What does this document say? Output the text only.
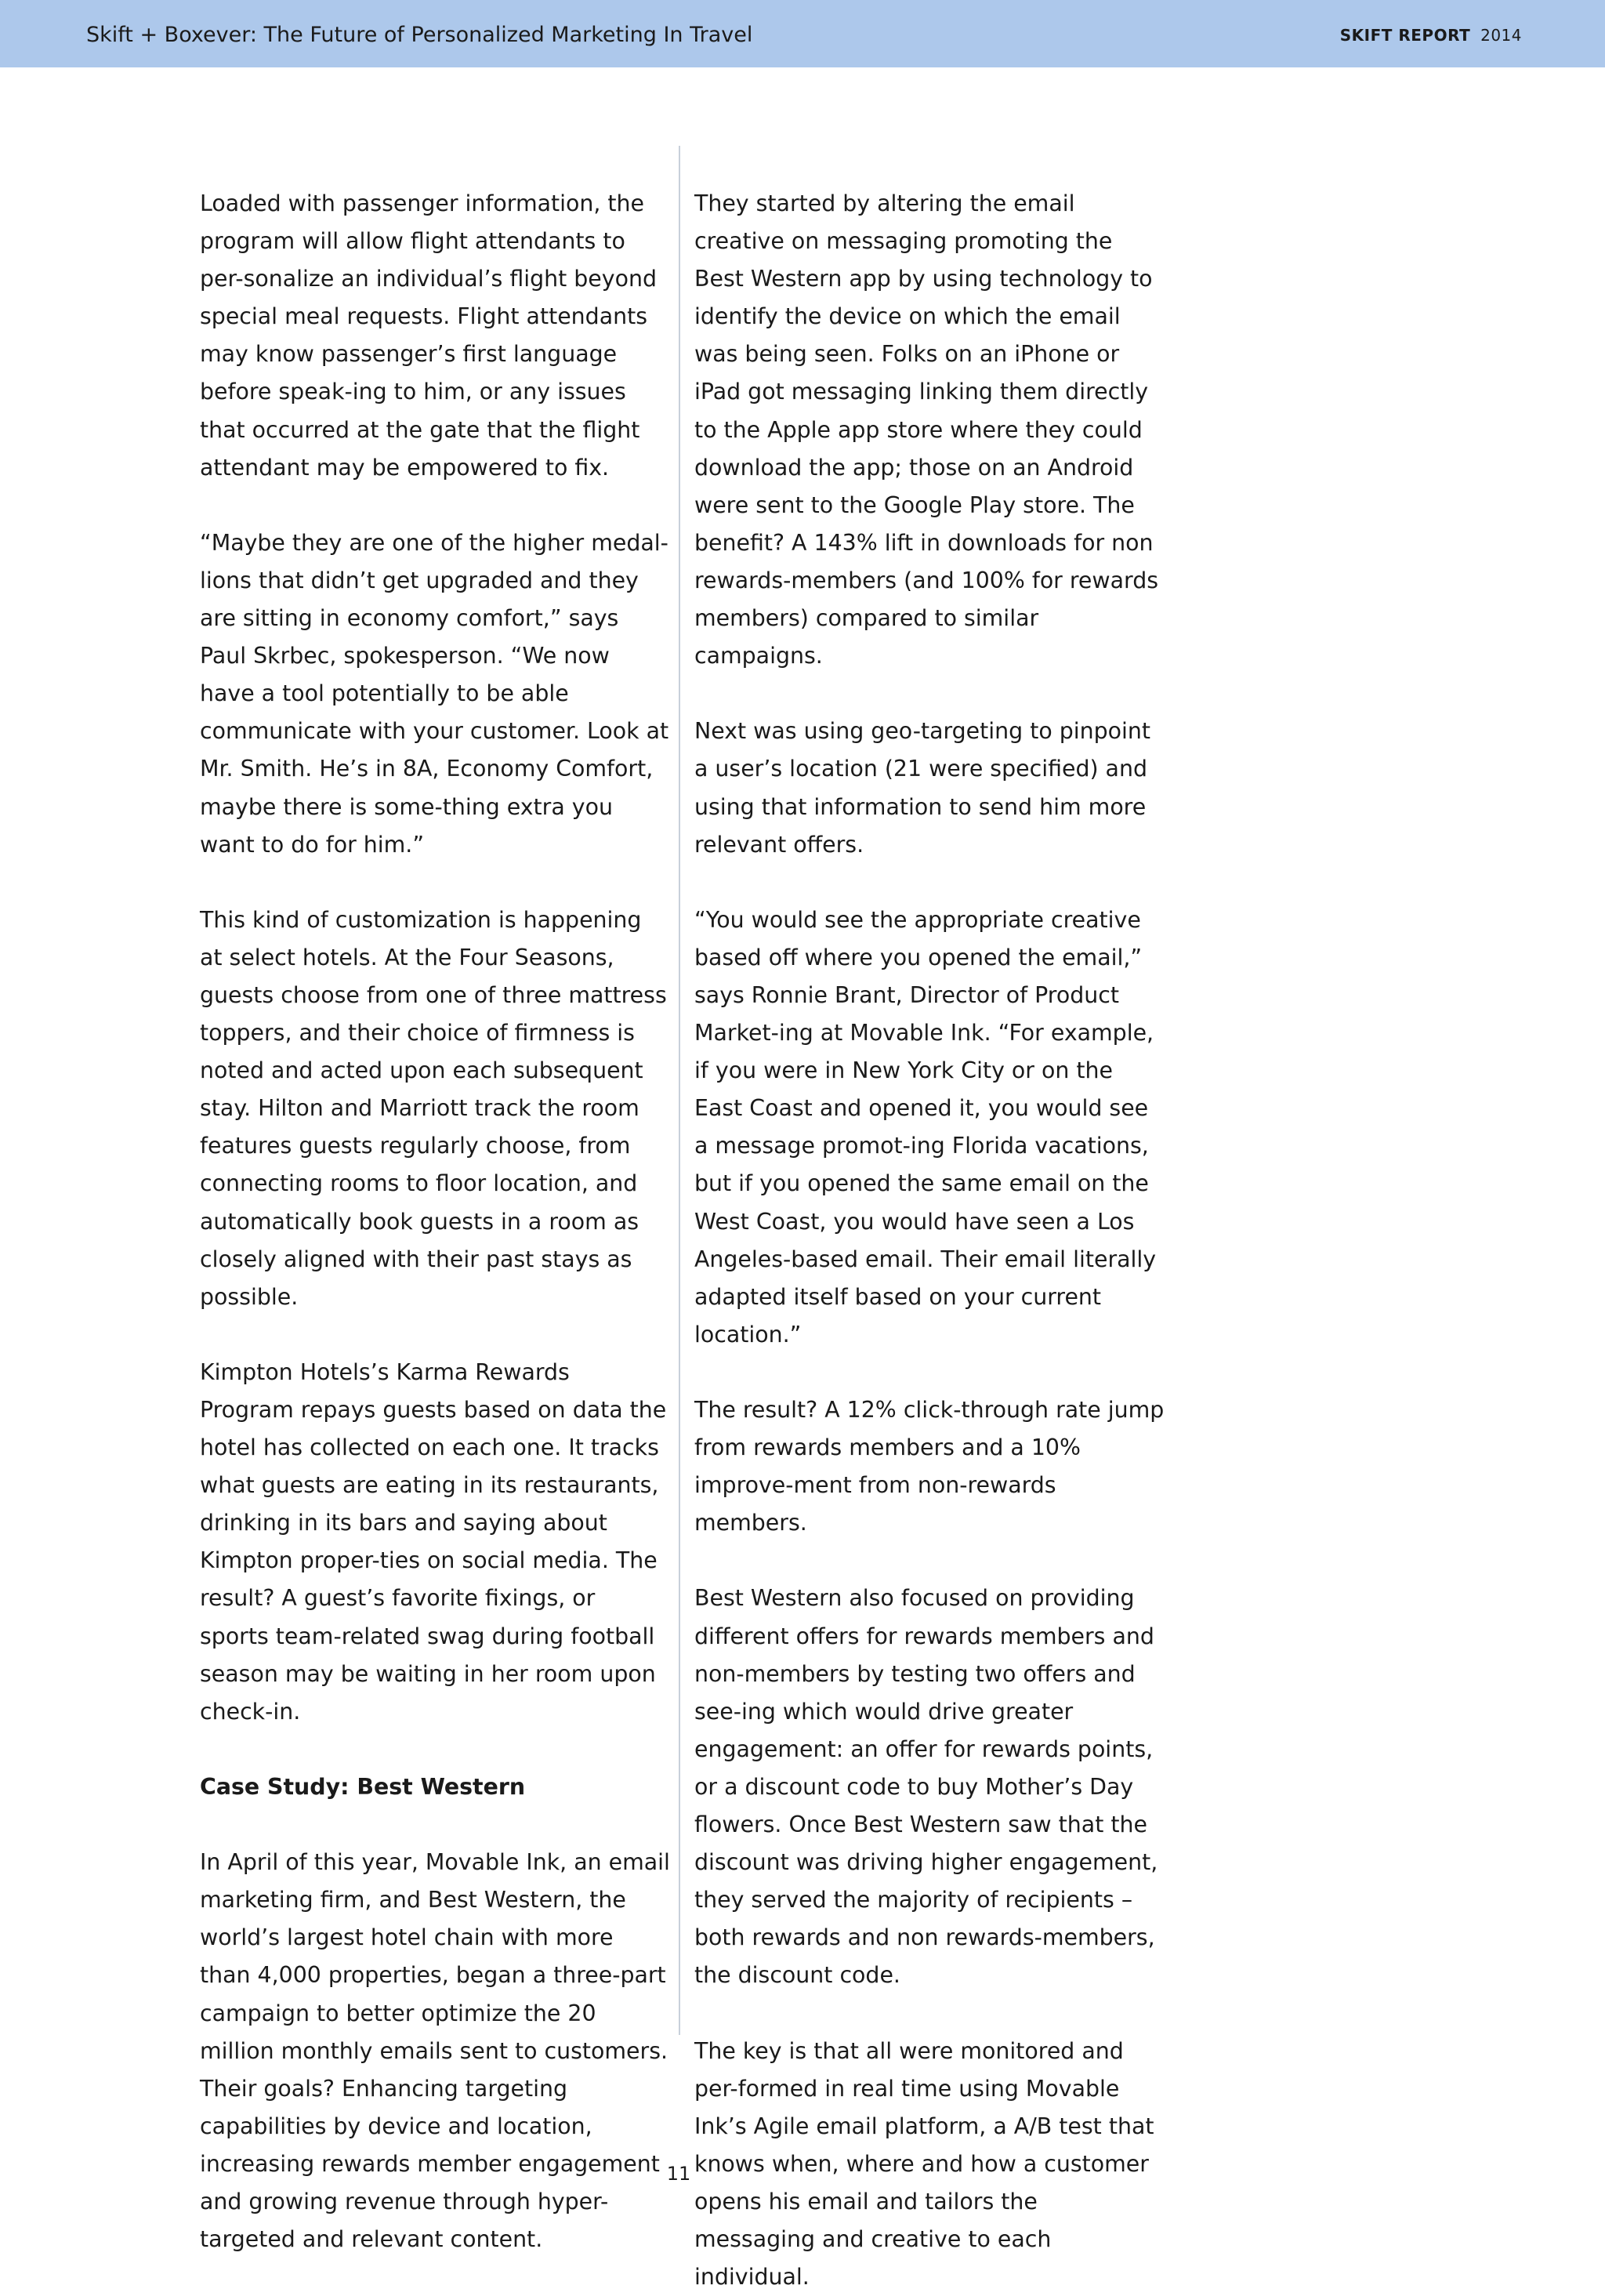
Skift + Boxever: The Future of Personalized Marketing In Travel	SKIFT REPORT 2014

Loaded with passenger information, the program will allow flight attendants to per-sonalize an individual’s flight beyond special meal requests. Flight attendants may know passenger’s first language before speak-ing to him, or any issues that occurred at the gate that the flight attendant may be empowered to fix.

“Maybe they are one of the higher medal-lions that didn’t get upgraded and they are sitting in economy comfort,” says Paul Skrbec, spokesperson. “We now have a tool potentially to be able communicate with your customer. Look at Mr. Smith. He’s in 8A, Economy Comfort, maybe there is some-thing extra you want to do for him.”

This kind of customization is happening at select hotels. At the Four Seasons, guests choose from one of three mattress toppers, and their choice of firmness is noted and acted upon each subsequent stay. Hilton and Marriott track the room features guests regularly choose, from connecting rooms to floor location, and automatically book guests in a room as closely aligned with their past stays as possible.

Kimpton Hotels’s Karma Rewards Program repays guests based on data the hotel has collected on each one. It tracks what guests are eating in its restaurants, drinking in its bars and saying about Kimpton proper-ties on social media. The result? A guest’s favorite fixings, or sports team-related swag during football season may be waiting in her room upon check-in.

Case Study: Best Western

In April of this year, Movable Ink, an email marketing firm, and Best Western, the world’s largest hotel chain with more than 4,000 properties, began a three-part campaign to better optimize the 20 million monthly emails sent to customers. Their goals? Enhancing targeting capabilities by device and location, increasing rewards member engagement and growing revenue through hyper-targeted and relevant content.

They started by altering the email creative on messaging promoting the Best Western app by using technology to identify the device on which the email was being seen. Folks on an iPhone or iPad got messaging linking them directly to the Apple app store where they could download the app; those on an Android were sent to the Google Play store. The benefit? A 143% lift in downloads for non rewards-members (and 100% for rewards members) compared to similar campaigns.

Next was using geo-targeting to pinpoint a user’s location (21 were specified) and using that information to send him more relevant offers.

“You would see the appropriate creative based off where you opened the email,” says Ronnie Brant, Director of Product Market-ing at Movable Ink. “For example, if you were in New York City or on the East Coast and opened it, you would see a message promot-ing Florida vacations, but if you opened the same email on the West Coast, you would have seen a Los Angeles-based email. Their email literally adapted itself based on your current location.”

The result? A 12% click-through rate jump from rewards members and a 10% improve-ment from non-rewards members.

Best Western also focused on providing different offers for rewards members and non-members by testing two offers and see-ing which would drive greater engagement: an offer for rewards points, or a discount code to buy Mother’s Day flowers. Once Best Western saw that the discount was driving higher engagement, they served the majority of recipients – both rewards and non rewards-members, the discount code.

The key is that all were monitored and per-formed in real time using Movable Ink’s Agile email platform, a A/B test that knows when, where and how a customer opens his email and tailors the messaging and creative to each individual.

11
